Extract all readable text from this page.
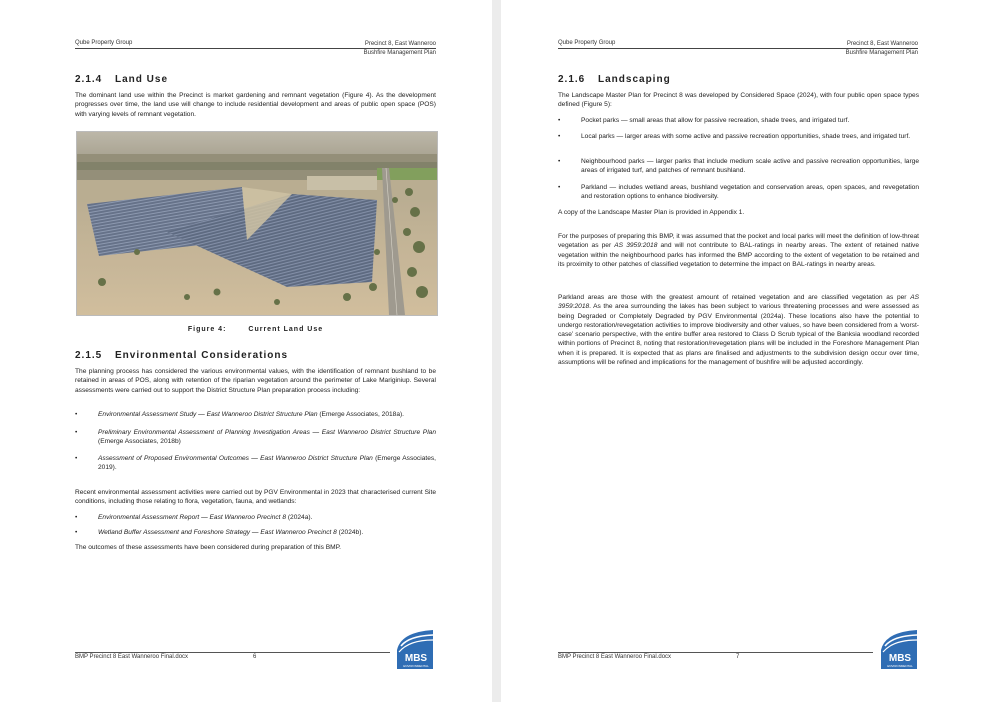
Qube Property Group	Precinct 8, East Wanneroo
Bushfire Management Plan
2.1.4 Land Use
The dominant land use within the Precinct is market gardening and remnant vegetation (Figure 4). As the development progresses over time, the land use will change to include residential development and areas of public open space (POS) with varying levels of remnant vegetation.
Figure 4:	Current Land Use
2.1.5 Environmental Considerations
The planning process has considered the various environmental values, with the identification of remnant bushland to be retained in areas of POS, along with retention of the riparian vegetation around the perimeter of Lake Mariginiup. Several assessments were carried out to support the District Structure Plan preparation process including:
•	Environmental Assessment Study — East Wanneroo District Structure Plan (Emerge Associates, 2018a).
•	Preliminary Environmental Assessment of Planning Investigation Areas — East Wanneroo District Structure Plan (Emerge Associates, 2018b)
•	Assessment of Proposed Environmental Outcomes — East Wanneroo District Structure Plan (Emerge Associates, 2019).
Recent environmental assessment activities were carried out by PGV Environmental in 2023 that characterised current Site conditions, including those relating to flora, vegetation, fauna, and wetlands:
•	Environmental Assessment Report — East Wanneroo Precinct 8 (2024a).
•	Wetland Buffer Assessment and Foreshore Strategy — East Wanneroo Precinct 8 (2024b).
The outcomes of these assessments have been considered during preparation of this BMP.
BMP Precinct 8 East Wanneroo Final.docx	6	MBS
ENVIRONMENTAL
Qube Property Group	Precinct 8, East Wanneroo
Bushfire Management Plan
2.1.6 Landscaping
The Landscape Master Plan for Precinct 8 was developed by Considered Space (2024), with four public open space types defined (Figure 5):
•	Pocket parks — small areas that allow for passive recreation, shade trees, and irrigated turf.
•	Local parks — larger areas with some active and passive recreation opportunities, shade trees, and irrigated turf.
•	Neighbourhood parks — larger parks that include medium scale active and passive recreation opportunities, large areas of irrigated turf, and patches of remnant bushland.
•	Parkland — includes wetland areas, bushland vegetation and conservation areas, open spaces, and revegetation and restoration options to enhance biodiversity.
A copy of the Landscape Master Plan is provided in Appendix 1.
For the purposes of preparing this BMP, it was assumed that the pocket and local parks will meet the definition of low-threat vegetation as per AS 3959:2018 and will not contribute to BAL-ratings in nearby areas. The extent of retained native vegetation within the neighbourhood parks has informed the BMP according to the extent of vegetation to be retained and its proximity to other patches of classified vegetation to determine the impact on BAL-ratings in nearby areas.
Parkland areas are those with the greatest amount of retained vegetation and are classified vegetation as per AS 3959:2018. As the area surrounding the lakes has been subject to various threatening processes and were assessed as being Degraded or Completely Degraded by PGV Environmental (2024a). These locations also have the potential to undergo restoration/revegetation activities to improve biodiversity and other values, so have been considered from a ‘worst-case’ scenario perspective, with the entire buffer area restored to Class D Scrub typical of the Banksia woodland recorded within portions of Precinct 8, noting that restoration/revegetation plans will be included in the Foreshore Management Plan when it is prepared. It is expected that as plans are finalised and adjustments to the subdivision design occur over time, assumptions will be refined and implications for the management of bushfire will be adjusted accordingly.
BMP Precinct 8 East Wanneroo Final.docx	7	MBS
ENVIRONMENTAL
